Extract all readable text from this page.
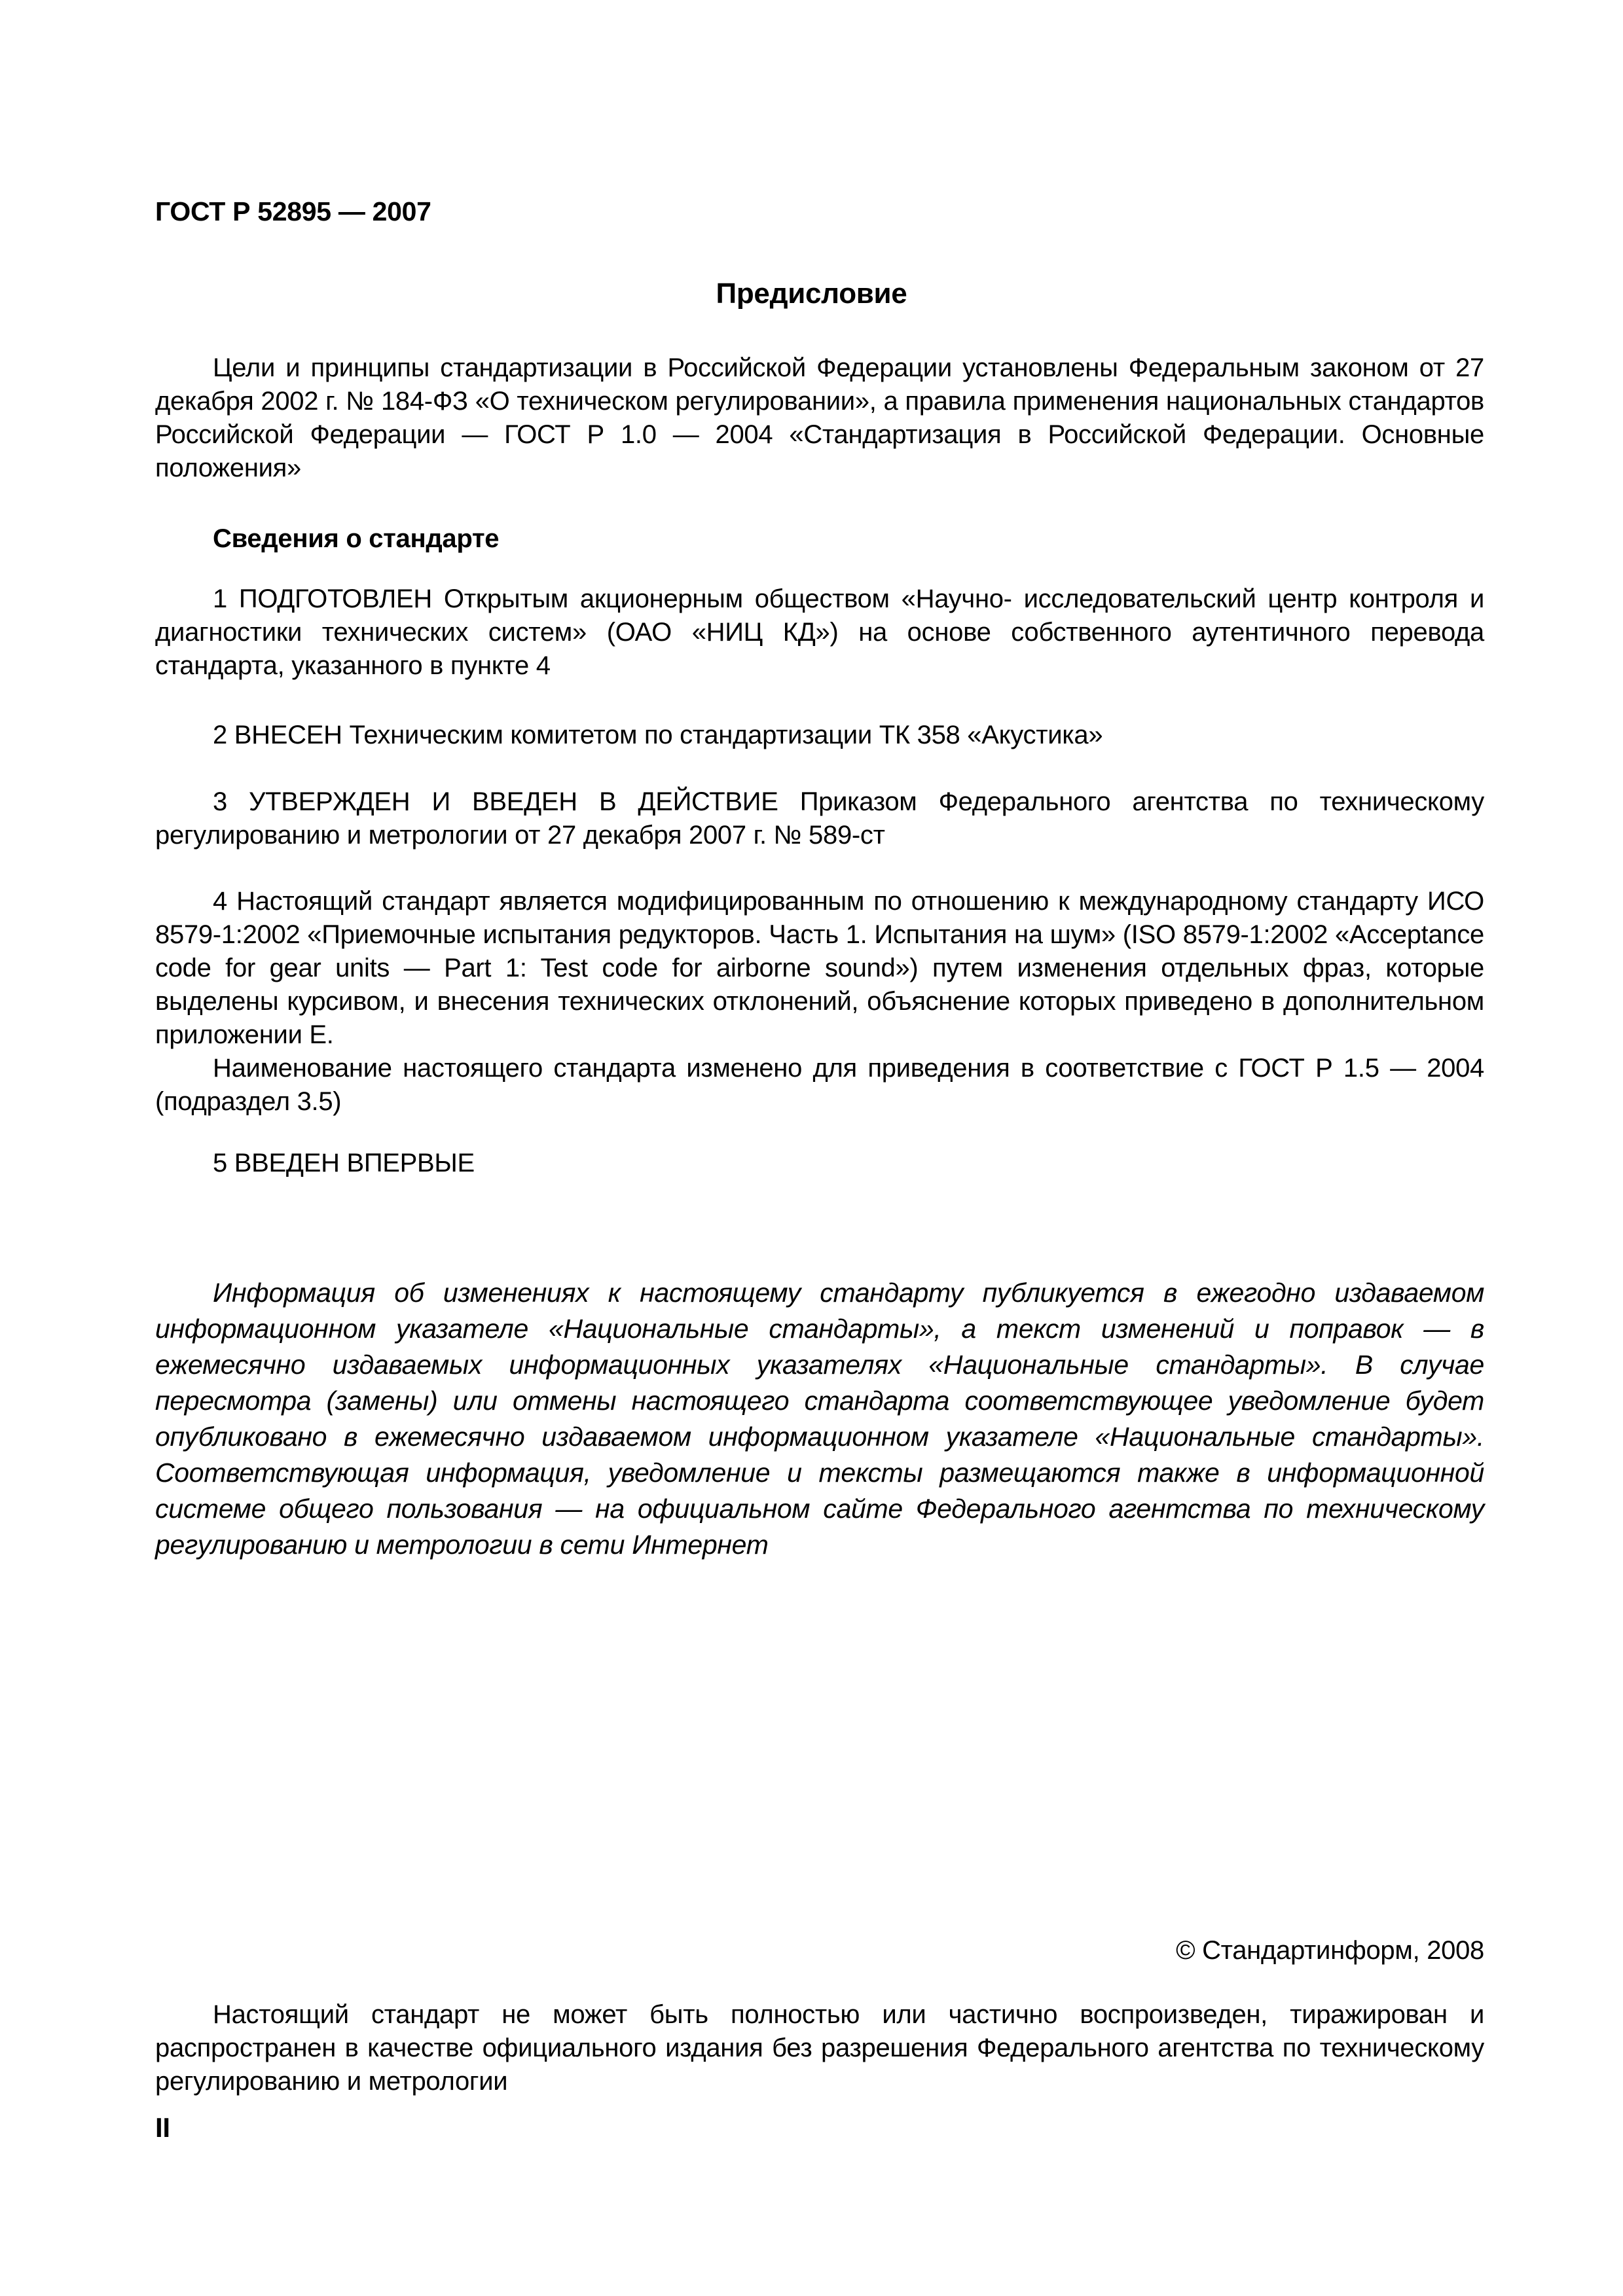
ГОСТ Р 52895 — 2007
Предисловие

Цели и принципы стандартизации в Российской Федерации установлены Федеральным законом от 27 декабря 2002 г. № 184-ФЗ «О техническом регулировании», а правила применения национальных стандартов Российской Федерации — ГОСТ Р 1.0 — 2004 «Стандартизация в Российской Федерации. Основные положения»

Сведения о стандарте

1 ПОДГОТОВЛЕН Открытым акционерным обществом «Научно- исследовательский центр контроля и диагностики технических систем» (ОАО «НИЦ КД») на основе собственного аутентичного перевода стандарта, указанного в пункте 4

2 ВНЕСЕН Техническим комитетом по стандартизации ТК 358 «Акустика»

3 УТВЕРЖДЕН И ВВЕДЕН В ДЕЙСТВИЕ Приказом Федерального агентства по техническому регулированию и метрологии от 27 декабря 2007 г. № 589-ст

4 Настоящий стандарт является модифицированным по отношению к международному стандарту ИСО 8579-1:2002 «Приемочные испытания редукторов. Часть 1. Испытания на шум» (ISO 8579-1:2002 «Acceptance code for gear units — Part 1: Test code for airborne sound») путем изменения отдельных фраз, которые выделены курсивом, и внесения технических отклонений, объяснение которых приведено в дополнительном приложении Е.

Наименование настоящего стандарта изменено для приведения в соответствие с ГОСТ Р 1.5 — 2004 (подраздел 3.5)

5 ВВЕДЕН ВПЕРВЫЕ

Информация об изменениях к настоящему стандарту публикуется в ежегодно издаваемом информационном указателе «Национальные стандарты», а текст изменений и поправок — в ежемесячно издаваемых информационных указателях «Национальные стандарты». В случае пересмотра (замены) или отмены настоящего стандарта соответствующее уведомление будет опубликовано в ежемесячно издаваемом информационном указателе «Национальные стандарты». Соответствующая информация, уведомление и тексты размещаются также в информационной системе общего пользования — на официальном сайте Федерального агентства по техническому регулированию и метрологии в сети Интернет

© Стандартинформ, 2008

Настоящий стандарт не может быть полностью или частично воспроизведен, тиражирован и распространен в качестве официального издания без разрешения Федерального агентства по техническому регулированию и метрологии

II
